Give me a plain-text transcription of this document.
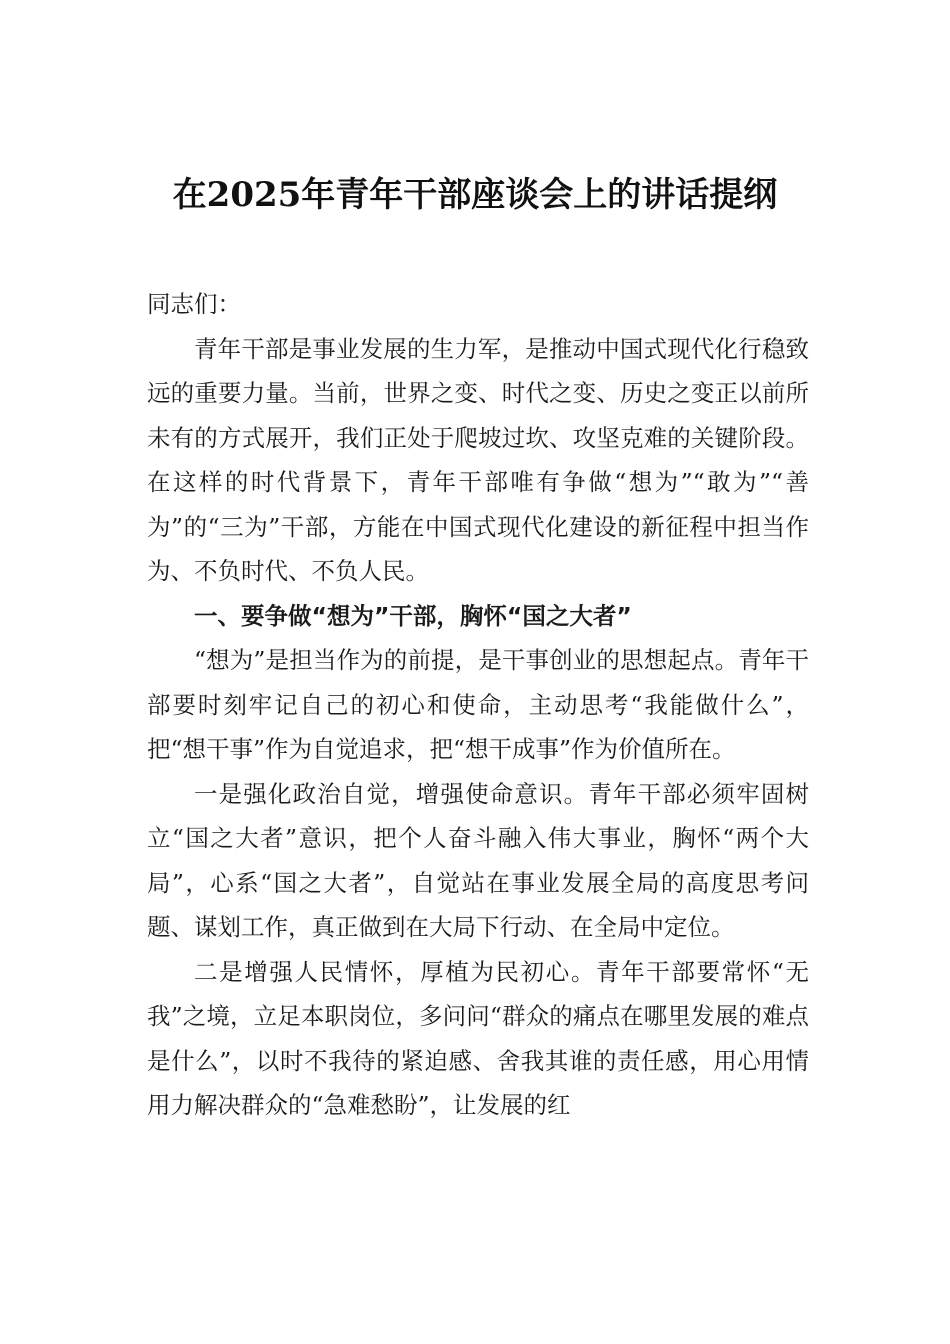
在2025年青年干部座谈会上的讲话提纲

同志们：

青年干部是事业发展的生力军，是推动中国式现代化行稳致远的重要力量。当前，世界之变、时代之变、历史之变正以前所未有的方式展开，我们正处于爬坡过坎、攻坚克难的关键阶段。在这样的时代背景下，青年干部唯有争做“想为”“敢为”“善为”的“三为”干部，方能在中国式现代化建设的新征程中担当作为、不负时代、不负人民。

一、要争做“想为”干部，胸怀“国之大者”

“想为”是担当作为的前提，是干事创业的思想起点。青年干部要时刻牢记自己的初心和使命，主动思考“我能做什么”，把“想干事”作为自觉追求，把“想干成事”作为价值所在。

一是强化政治自觉，增强使命意识。青年干部必须牢固树立“国之大者”意识，把个人奋斗融入伟大事业，胸怀“两个大局”，心系“国之大者”，自觉站在事业发展全局的高度思考问题、谋划工作，真正做到在大局下行动、在全局中定位。

二是增强人民情怀，厚植为民初心。青年干部要常怀“无我”之境，立足本职岗位，多问问“群众的痛点在哪里发展的难点是什么”，以时不我待的紧迫感、舍我其谁的责任感，用心用情用力解决群众的“急难愁盼”，让发展的红
